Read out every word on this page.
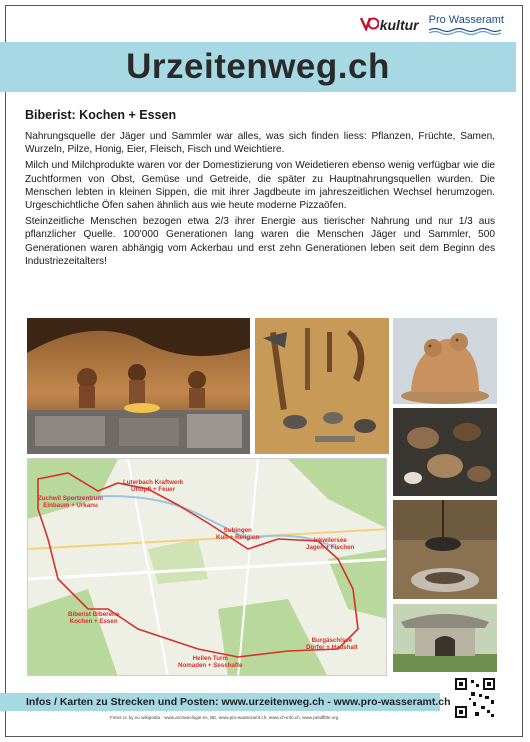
kultur Pro Wasseramt
Urzeitenweg.ch
Biberist: Kochen + Essen

Nahrungsquelle der Jäger und Sammler war alles, was sich finden liess: Pflanzen, Früchte, Samen, Wurzeln, Pilze, Honig, Eier, Fleisch, Fisch und Weichtiere.

Milch und Milchprodukte waren vor der Domestizierung von Weidetieren ebenso wenig verfügbar wie die Zuchtformen von Obst, Gemüse und Getreide, die später zu Hauptnahrungsquellen wurden. Die Menschen lebten in kleinen Sippen, die mit ihrer Jagdbeute im jahreszeitlichen Wechsel herumzogen. Urgeschichtliche Öfen sahen ähnlich aus wie heute moderne Pizzaöfen.

Steinzeitliche Menschen bezogen etwa 2/3 ihrer Energie aus tierischer Nahrung und nur 1/3 aus pflanzlicher Quelle. 100'000 Generationen lang waren die Menschen Jäger und Sammler, 500 Generationen waren abhängig vom Ackerbau und erst zehn Generationen leben seit dem Beginn des Industriezeitalters!

Zuchwil Sportzentrum
Einbaum + Urkanu
Luterbach Kraftwerk
Urtöpfi + Feuer
Subingen
Kult + Religion	Inkwilersee
Jagen + Fischen
Biberist Biberena
Kochen + Essen
Burgäschisee
Dörfer + Haushalt
Hellen Turm
Nomaden + Sesshafte
Infos / Karten zu Strecken und Posten: www.urzeitenweg.ch - www.pro-wasseramt.ch
Fotos cc by no wikipedia · www.archaeologie.so, BE, www.pro-wasseramt.ch, www.ch-info.ch, www.pelaffitte.org
